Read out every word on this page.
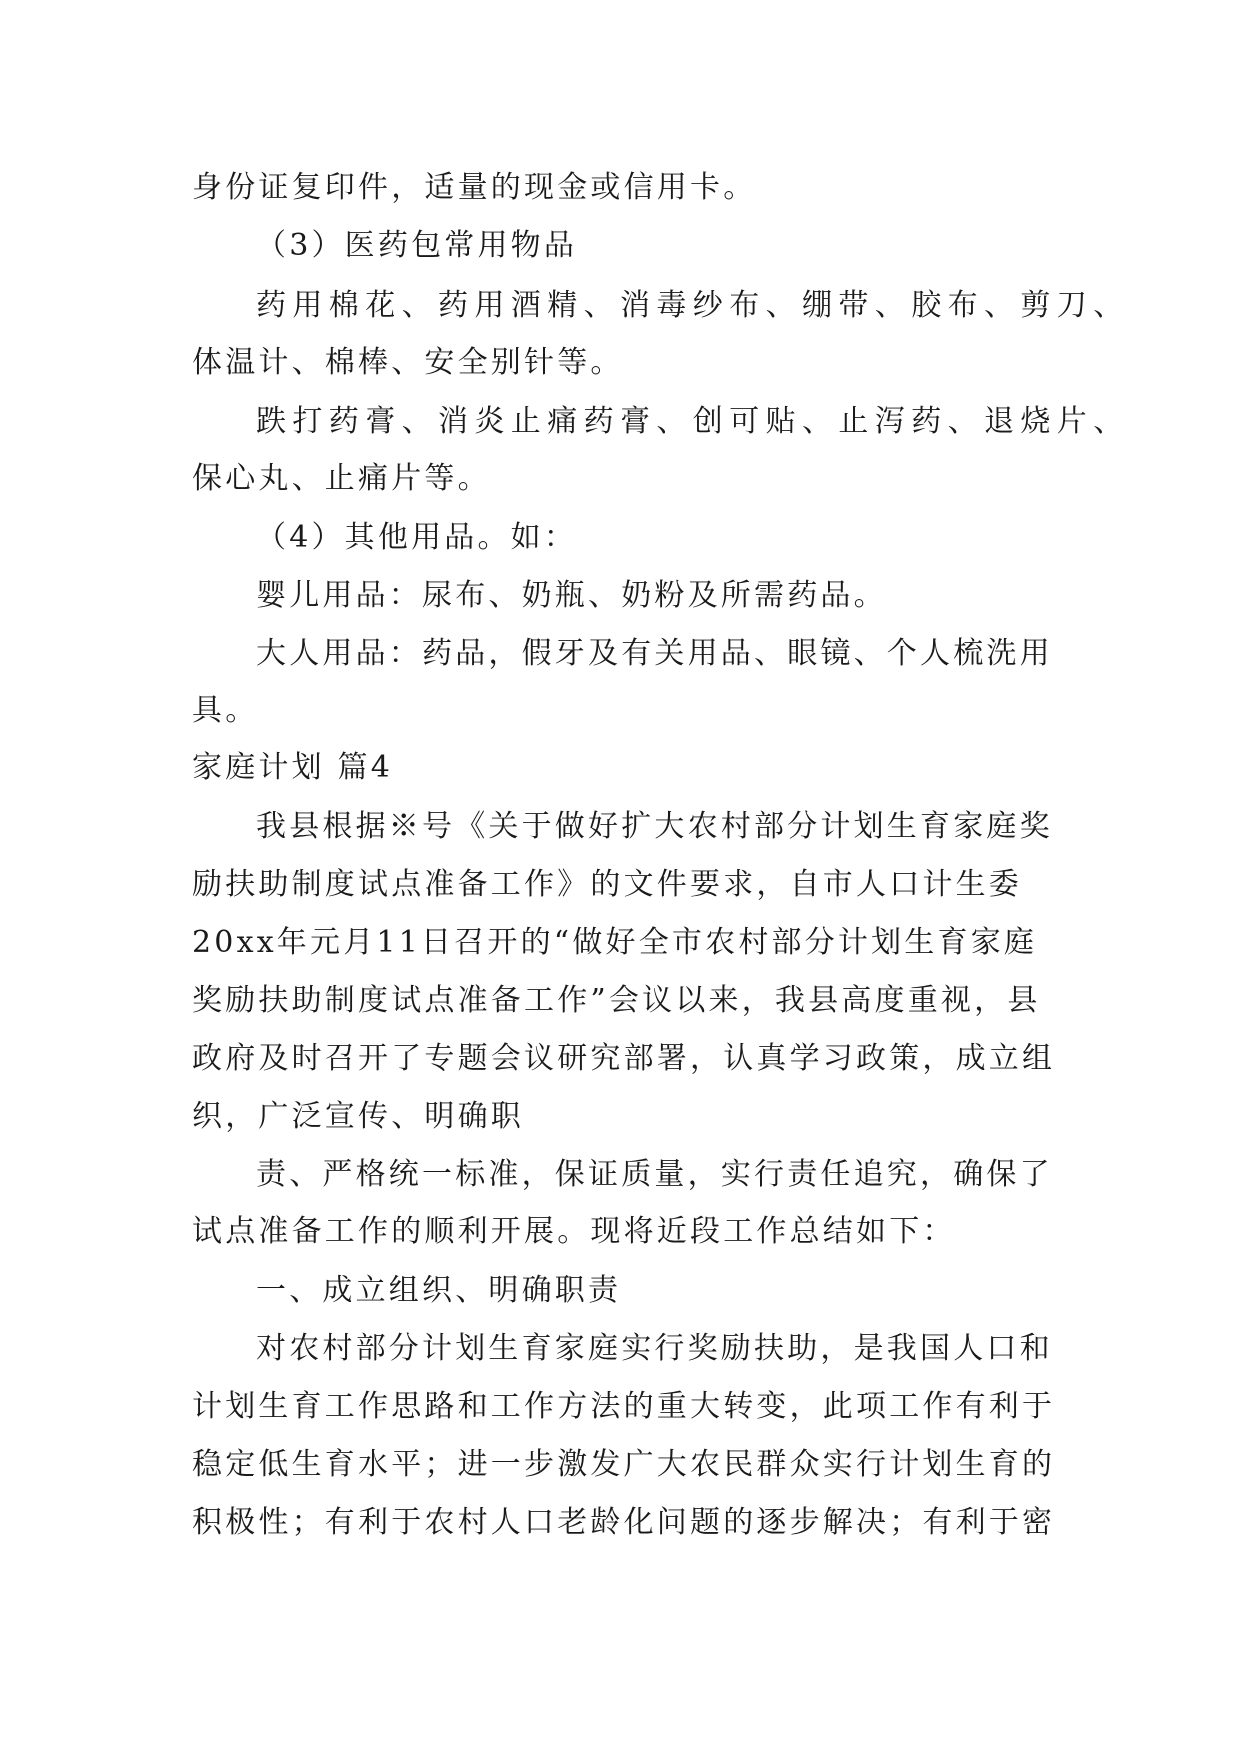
身份证复印件，适量的现金或信用卡。
（3）医药包常用物品
药用棉花、药用酒精、消毒纱布、绷带、胶布、剪刀、
体温计、棉棒、安全别针等。
跌打药膏、消炎止痛药膏、创可贴、止泻药、退烧片、
保心丸、止痛片等。
（4）其他用品。如：
婴儿用品：尿布、奶瓶、奶粉及所需药品。
大人用品：药品，假牙及有关用品、眼镜、个人梳洗用
具。
家庭计划 篇4
我县根据※号《关于做好扩大农村部分计划生育家庭奖
励扶助制度试点准备工作》的文件要求，自市人口计生委
20xx年元月11日召开的“做好全市农村部分计划生育家庭
奖励扶助制度试点准备工作”会议以来，我县高度重视，县
政府及时召开了专题会议研究部署，认真学习政策，成立组
织，广泛宣传、明确职
责、严格统一标准，保证质量，实行责任追究，确保了
试点准备工作的顺利开展。现将近段工作总结如下：
一、成立组织、明确职责
对农村部分计划生育家庭实行奖励扶助，是我国人口和
计划生育工作思路和工作方法的重大转变，此项工作有利于
稳定低生育水平；进一步激发广大农民群众实行计划生育的
积极性；有利于农村人口老龄化问题的逐步解决；有利于密
